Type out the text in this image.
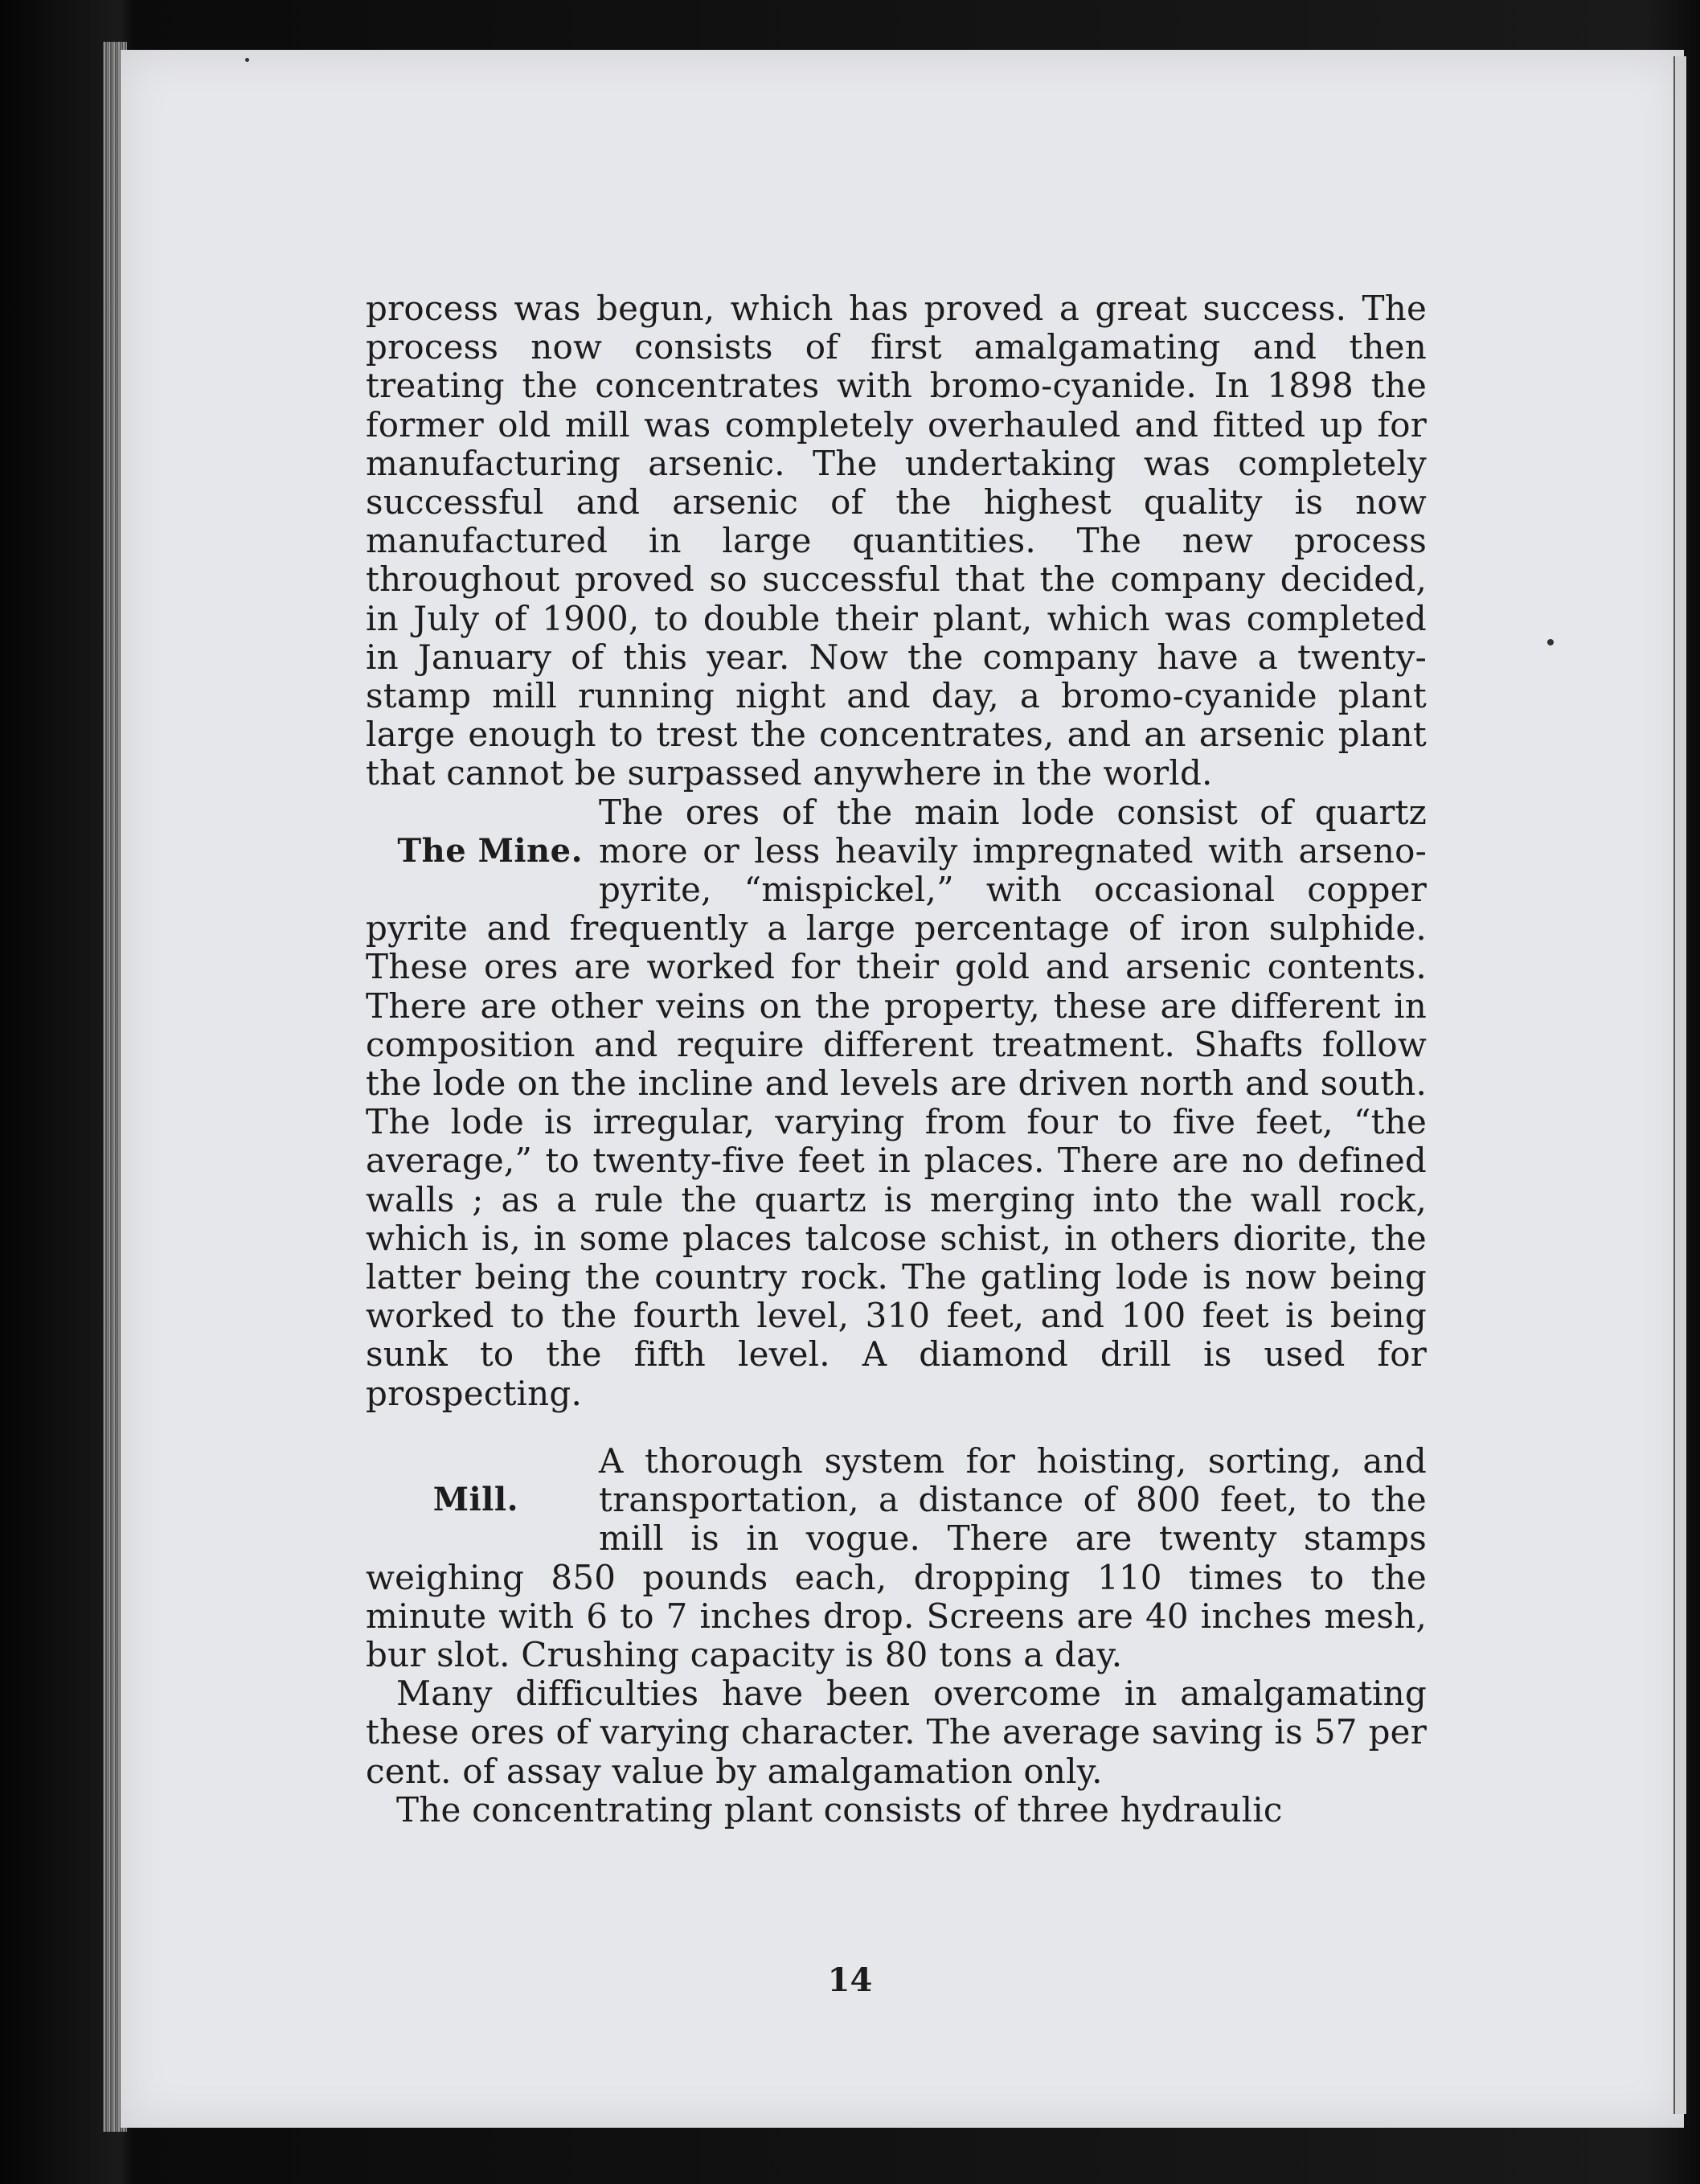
process was begun, which has proved a great success. The process now consists of first amalgamating and then treating the concentrates with bromo-cyanide. In 1898 the former old mill was completely overhauled and fitted up for manufacturing arsenic. The undertaking was completely successful and arsenic of the highest quality is now manufactured in large quantities. The new process throughout proved so successful that the company decided, in July of 1900, to double their plant, which was completed in January of this year. Now the company have a twenty-stamp mill running night and day, a bromo-cyanide plant large enough to trest the concentrates, and an arsenic plant that cannot be surpassed anywhere in the world.

The Mine.

The ores of the main lode consist of quartz more or less heavily impregnated with arseno-pyrite, “mispickel,” with occasional copper pyrite and frequently a large percentage of iron sulphide. These ores are worked for their gold and arsenic contents. There are other veins on the property, these are different in composition and require different treatment. Shafts follow the lode on the incline and levels are driven north and south. The lode is irregular, varying from four to five feet, “the average,” to twenty-five feet in places. There are no defined walls ; as a rule the quartz is merging into the wall rock, which is, in some places talcose schist, in others diorite, the latter being the country rock. The gatling lode is now being worked to the fourth level, 310 feet, and 100 feet is being sunk to the fifth level. A diamond drill is used for prospecting.

Mill.

A thorough system for hoisting, sorting, and transportation, a distance of 800 feet, to the mill is in vogue. There are twenty stamps weighing 850 pounds each, dropping 110 times to the minute with 6 to 7 inches drop. Screens are 40 inches mesh, bur slot. Crushing capacity is 80 tons a day.

Many difficulties have been overcome in amalgamating these ores of varying character. The average saving is 57 per cent. of assay value by amalgamation only.

The concentrating plant consists of three hydraulic

14
